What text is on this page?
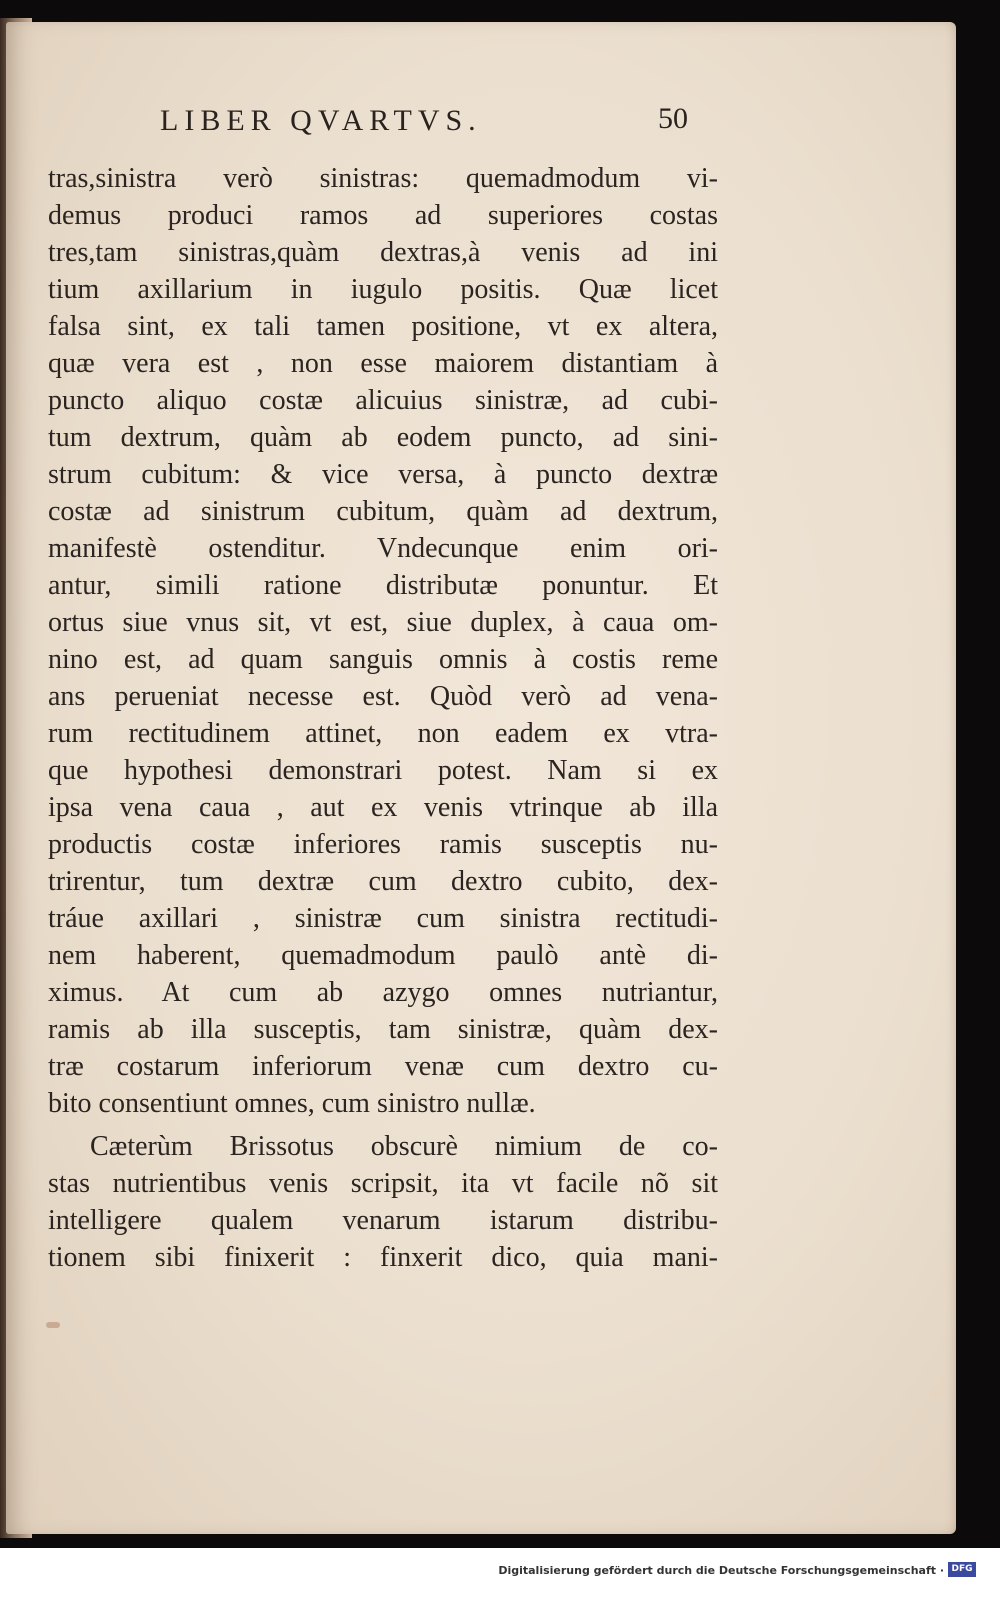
LIBER QVARTVS.	50
tras,sinistra verò sinistras: quemadmodum vi-
demus produci ramos ad superiores costas
tres,tam sinistras,quàm dextras,à venis ad ini
tium axillarium in iugulo positis. Quæ licet
falsa sint, ex tali tamen positione, vt ex altera,
quæ vera est , non esse maiorem distantiam à
puncto aliquo costæ alicuius sinistræ, ad cubi-
tum dextrum, quàm ab eodem puncto, ad sini-
strum cubitum: & vice versa, à puncto dextræ
costæ ad sinistrum cubitum, quàm ad dextrum,
manifestè ostenditur. Vndecunque enim ori-
antur, simili ratione distributæ ponuntur. Et
ortus siue vnus sit, vt est, siue duplex, à caua om-
nino est, ad quam sanguis omnis à costis reme
ans perueniat necesse est. Quòd verò ad vena-
rum rectitudinem attinet, non eadem ex vtra-
que hypothesi demonstrari potest. Nam si ex
ipsa vena caua , aut ex venis vtrinque ab illa
productis costæ inferiores ramis susceptis nu-
trirentur, tum dextræ cum dextro cubito, dex-
tráue axillari , sinistræ cum sinistra rectitudi-
nem haberent, quemadmodum paulò antè di-
ximus. At cum ab azygo omnes nutriantur,
ramis ab illa susceptis, tam sinistræ, quàm dex-
træ costarum inferiorum venæ cum dextro cu-
bito consentiunt omnes, cum sinistro nullæ.
Cæterùm Brissotus obscurè nimium de co-
stas nutrientibus venis scripsit, ita vt facile nõ sit
intelligere qualem venarum istarum distribu-
tionem sibi finixerit : finxerit dico, quia mani-
Digitalisierung gefördert durch die Deutsche Forschungsgemeinschaft · DFG
